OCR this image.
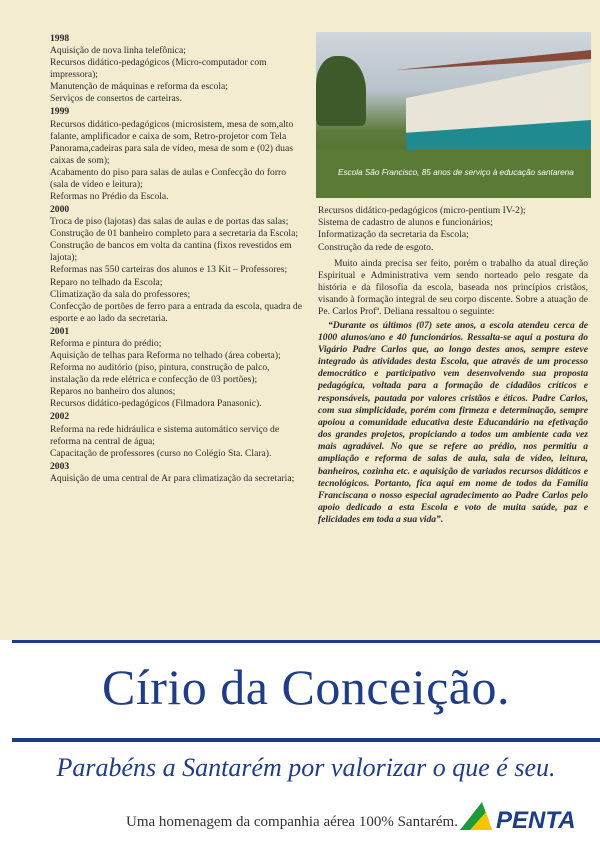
1998
Aquisição de nova linha telefônica;
Recursos didático-pedagógicos (Micro-computador com impressora);
Manutenção de máquinas e reforma da escola;
Serviços de consertos de carteiras.
1999
Recursos didático-pedagógicos (microsistem, mesa de som,alto falante, amplificador e caixa de som, Retro-projetor com Tela Panorama,cadeiras para sala de vídeo, mesa de som e (02) duas caixas de som);
Acabamento do piso para salas de aulas e Confecção do forro (sala de vídeo e leitura);
Reformas no Prédio da Escola.
2000
Troca de piso (lajotas) das salas de aulas e de portas das salas;
Construção de 01 banheiro completo para a secretaria da Escola;
Construção de bancos em volta da cantina (fixos revestidos em lajota);
Reformas nas 550 carteiras dos alunos e 13 Kit – Professores;
Reparo no telhado da Escola;
Climatização da sala do professores;
Confecção de portões de ferro para a entrada da escola, quadra de esporte e ao lado da secretaria.
2001
Reforma e pintura do prédio;
Aquisição de telhas para Reforma no telhado (área coberta);
Reforma no auditório (piso, pintura, construção de palco, instalação da rede elétrica e confecção de 03 portões);
Reparos no banheiro dos alunos;
Recursos didático-pedagógicos (Filmadora Panasonic).
2002
Reforma na rede hidráulica e sistema automático serviço de reforma na central de água;
Capacitação de professores (curso no Colégio Sta. Clara).
2003
Aquisição de uma central de Ar para climatização da secretaria;
Escola São Francisco, 85 anos de serviço à educação santarena

Recursos didático-pedagógicos (micro-pentium IV-2);

Sistema de cadastro de alunos e funcionários;

Informatização da secretaria da Escola;

Construção da rede de esgoto.

Muito ainda precisa ser feito, porém o trabalho da atual direção Espiritual e Administrativa vem sendo norteado pelo resgate da história e da filosofia da escola, baseada nos princípios cristãos, visando à formação integral de seu corpo discente. Sobre a atuação de Pe. Carlos Profª. Deliana ressaltou o seguinte:

“Durante os últimos (07) sete anos, a escola atendeu cerca de 1000 alunos/ano e 40 funcionários. Ressalta-se aqui a postura do Vigário Padre Carlos que, ao longo destes anos, sempre esteve integrado às atividades desta Escola, que através de um processo democrático e participativo vem desenvolvendo sua proposta pedagógica, voltada para a formação de cidadãos críticos e responsáveis, pautada por valores cristãos e éticos. Padre Carlos, com sua simplicidade, porém com firmeza e determinação, sempre apoiou a comunidade educativa deste Educandário na efetivação dos grandes projetos, propiciando a todos um ambiente cada vez mais agradável. No que se refere ao prédio, nos permitiu a ampliação e reforma de salas de aula, sala de vídeo, leitura, banheiros, cozinha etc. e aquisição de variados recursos didáticos e tecnológicos. Portanto, fica aqui em nome de todos da Família Franciscana o nosso especial agradecimento ao Padre Carlos pelo apoio dedicado a esta Escola e voto de muita saúde, paz e felicidades em toda a sua vida”.

Círio da Conceição.
Parabéns a Santarém por valorizar o que é seu.
Uma homenagem da companhia aérea 100% Santarém.	PENTA
